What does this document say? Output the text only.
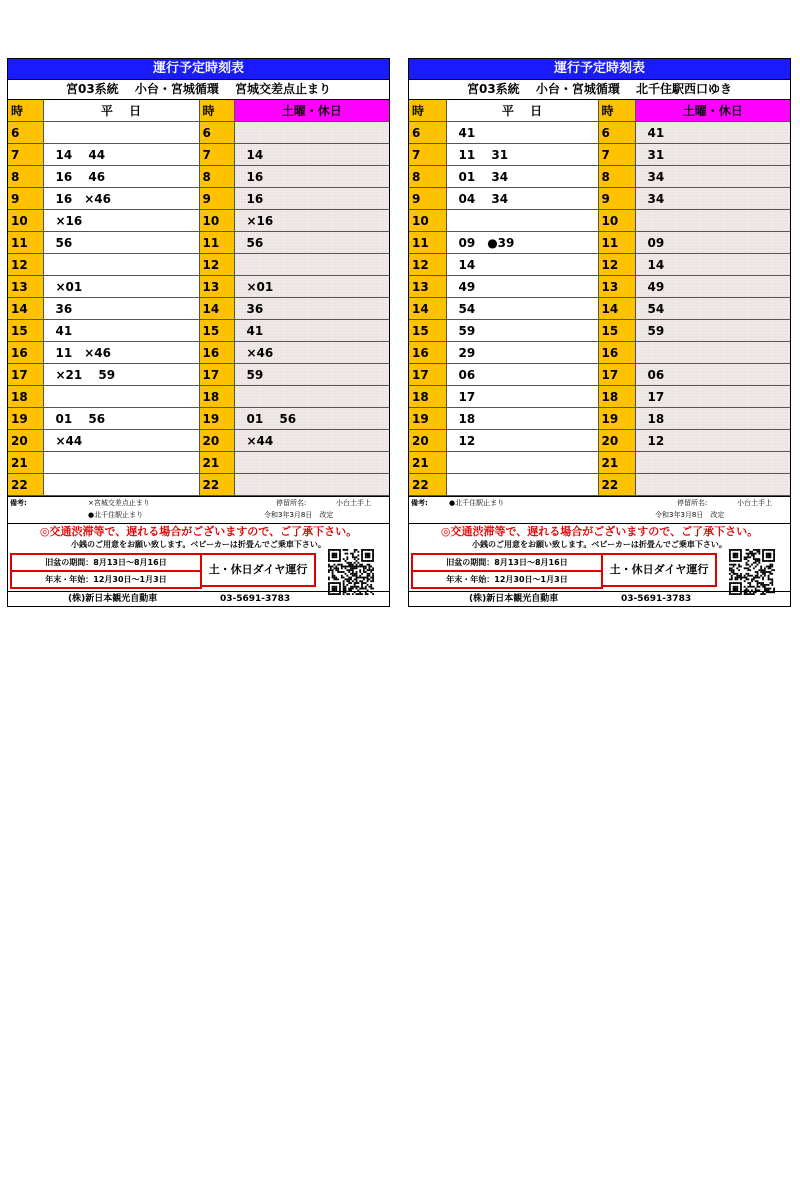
運行予定時刻表
宮03系統　 小台・宮城循環　 宮城交差点止まり
時	平　 日	時	土曜・休日
6		6	
7	14　 44	7	14
8	16　 46	8	16
9	16　×46	9	16
10	×16	10	×16
11	56	11	56
12		12	
13	×01	13	×01
14	36	14	36
15	41	15	41
16	11　×46	16	×46
17	×21　 59	17	59
18		18	
19	01　 56	19	01　 56
20	×44	20	×44
21		21	
22		22	
備考:	×宮城交差点止まり
●北千住駅止まり
停留所名:	小台土手上
令和3年3月8日　改定
◎交通渋滞等で、遅れる場合がございますので、ご了承下さい。
小銭のご用意をお願い致します。ベビーカーは折畳んでご乗車下さい。
旧盆の期間：8月13日～8月16日
年末・年始：12月30日～1月3日
土・休日ダイヤ運行
(株)新日本観光自動車	03-5691-3783
運行予定時刻表
宮03系統　 小台・宮城循環　 北千住駅西口ゆき
時	平　 日	時	土曜・休日
6	41	6	41
7	11　 31	7	31
8	01　 34	8	34
9	04　 34	9	34
10		10	
11	09　●39	11	09
12	14	12	14
13	49	13	49
14	54	14	54
15	59	15	59
16	29	16	
17	06	17	06
18	17	18	17
19	18	19	18
20	12	20	12
21		21	
22		22	
備考:	●北千住駅止まり	停留所名:	小台土手上
令和3年3月8日　改定
◎交通渋滞等で、遅れる場合がございますので、ご了承下さい。
小銭のご用意をお願い致します。ベビーカーは折畳んでご乗車下さい。
旧盆の期間：8月13日～8月16日
年末・年始：12月30日～1月3日
土・休日ダイヤ運行
(株)新日本観光自動車	03-5691-3783
